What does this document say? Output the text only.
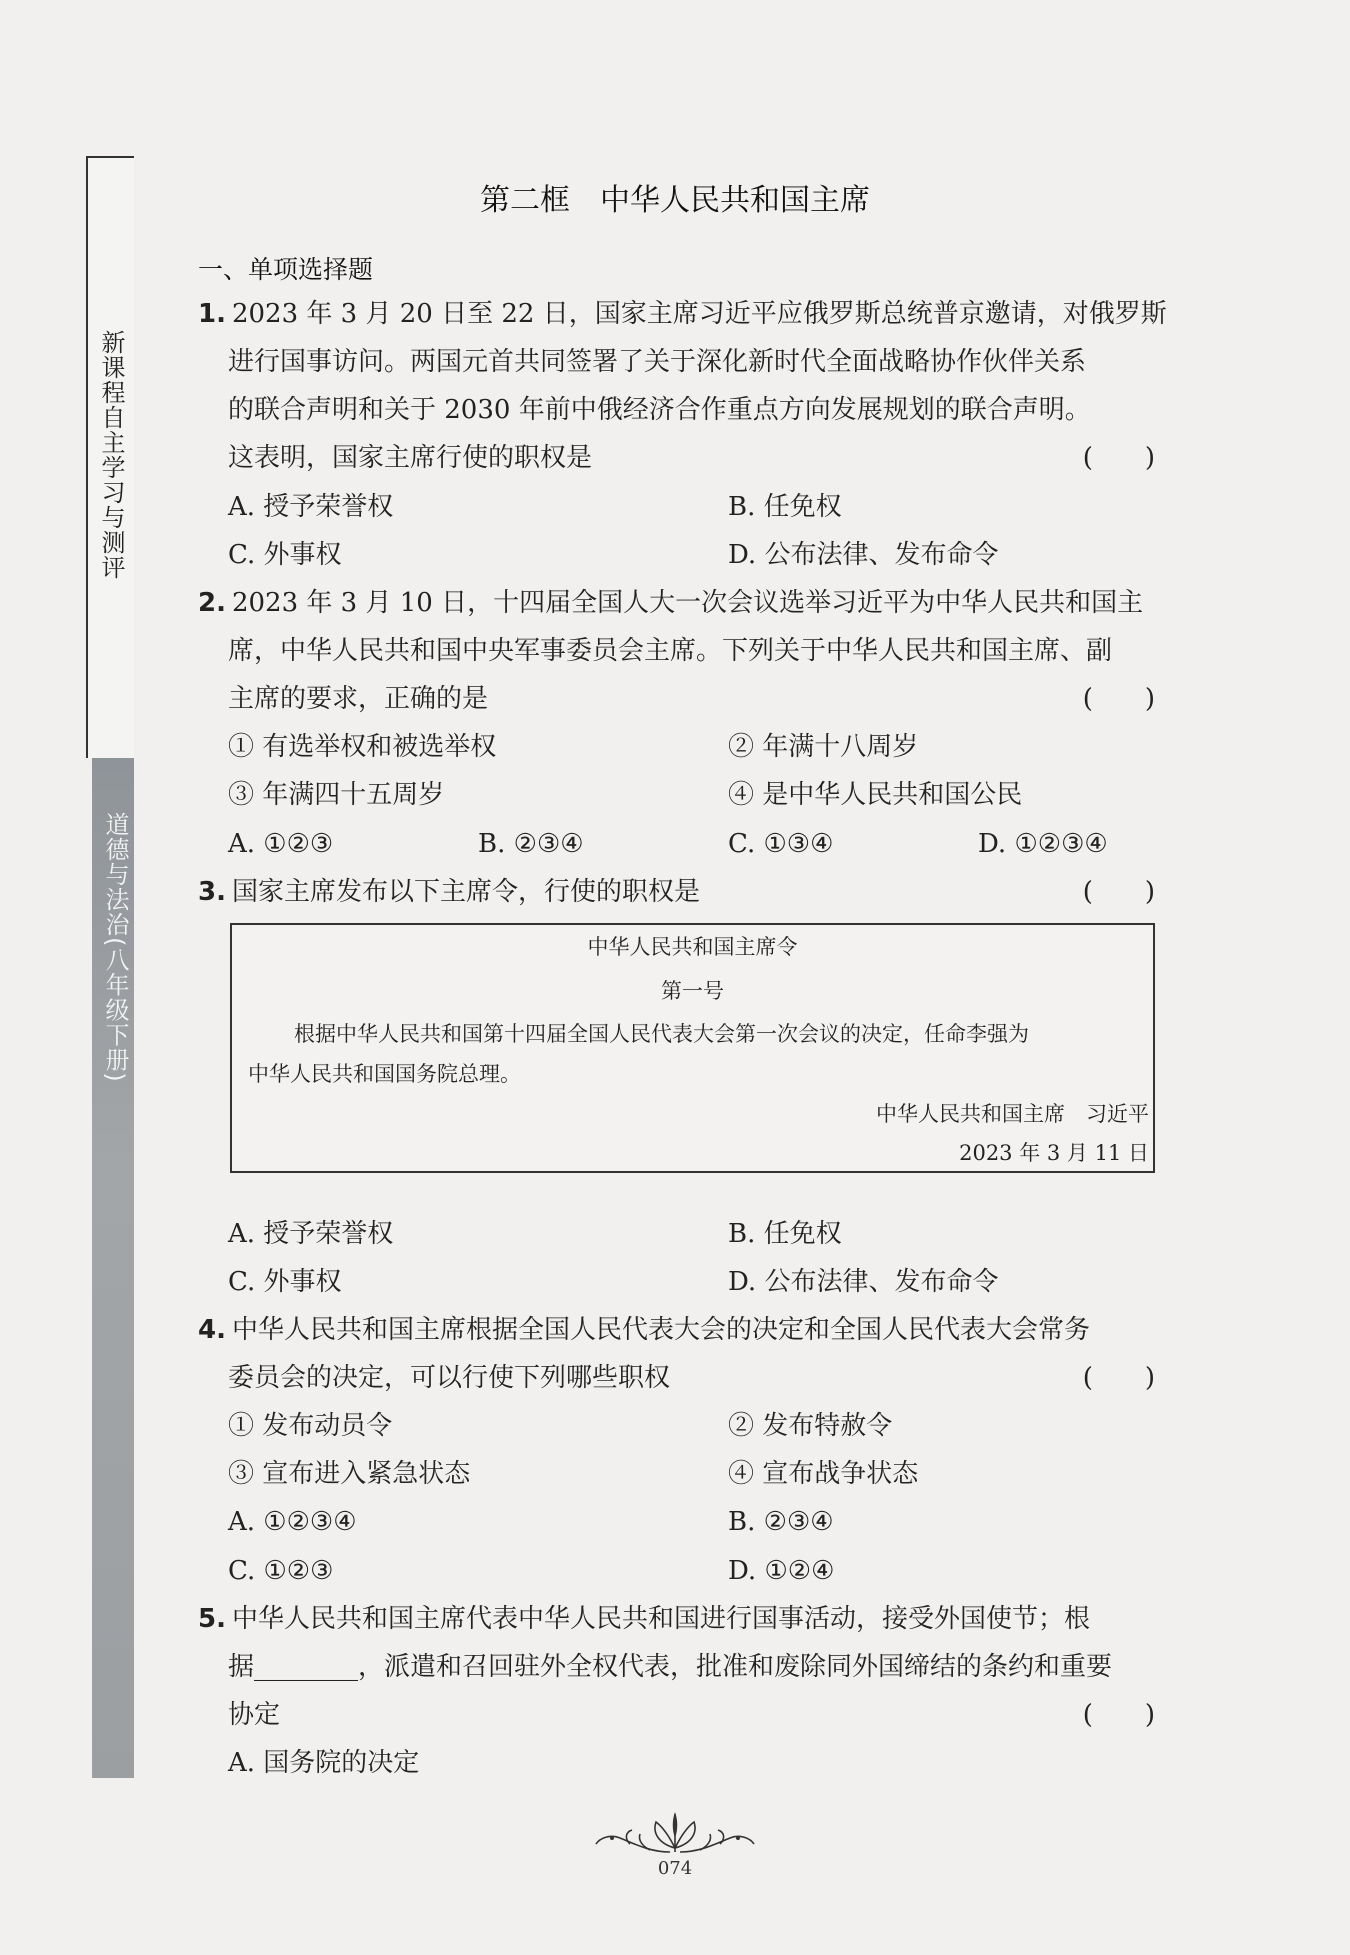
新课程自主学习与测评
道德与法治(八年级下册)
第二框　中华人民共和国主席
一、单项选择题
1. 2023 年 3 月 20 日至 22 日，国家主席习近平应俄罗斯总统普京邀请，对俄罗斯
进行国事访问。两国元首共同签署了关于深化新时代全面战略协作伙伴关系
的联合声明和关于 2030 年前中俄经济合作重点方向发展规划的联合声明。
这表明，国家主席行使的职权是	(　　)
A. 授予荣誉权	B. 任免权
C. 外事权	D. 公布法律、发布命令
2. 2023 年 3 月 10 日，十四届全国人大一次会议选举习近平为中华人民共和国主
席，中华人民共和国中央军事委员会主席。下列关于中华人民共和国主席、副
主席的要求，正确的是	(　　)
① 有选举权和被选举权	② 年满十八周岁
③ 年满四十五周岁	④ 是中华人民共和国公民
A. ①②③	B. ②③④	C. ①③④	D. ①②③④
3. 国家主席发布以下主席令，行使的职权是	(　　)
中华人民共和国主席令
第一号
根据中华人民共和国第十四届全国人民代表大会第一次会议的决定，任命李强为
中华人民共和国国务院总理。
中华人民共和国主席　习近平
2023 年 3 月 11 日
A. 授予荣誉权	B. 任免权
C. 外事权	D. 公布法律、发布命令
4. 中华人民共和国主席根据全国人民代表大会的决定和全国人民代表大会常务
委员会的决定，可以行使下列哪些职权	(　　)
① 发布动员令	② 发布特赦令
③ 宣布进入紧急状态	④ 宣布战争状态
A. ①②③④	B. ②③④
C. ①②③	D. ①②④
5. 中华人民共和国主席代表中华人民共和国进行国事活动，接受外国使节；根
据________，派遣和召回驻外全权代表，批准和废除同外国缔结的条约和重要
协定	(　　)
A. 国务院的决定
074
